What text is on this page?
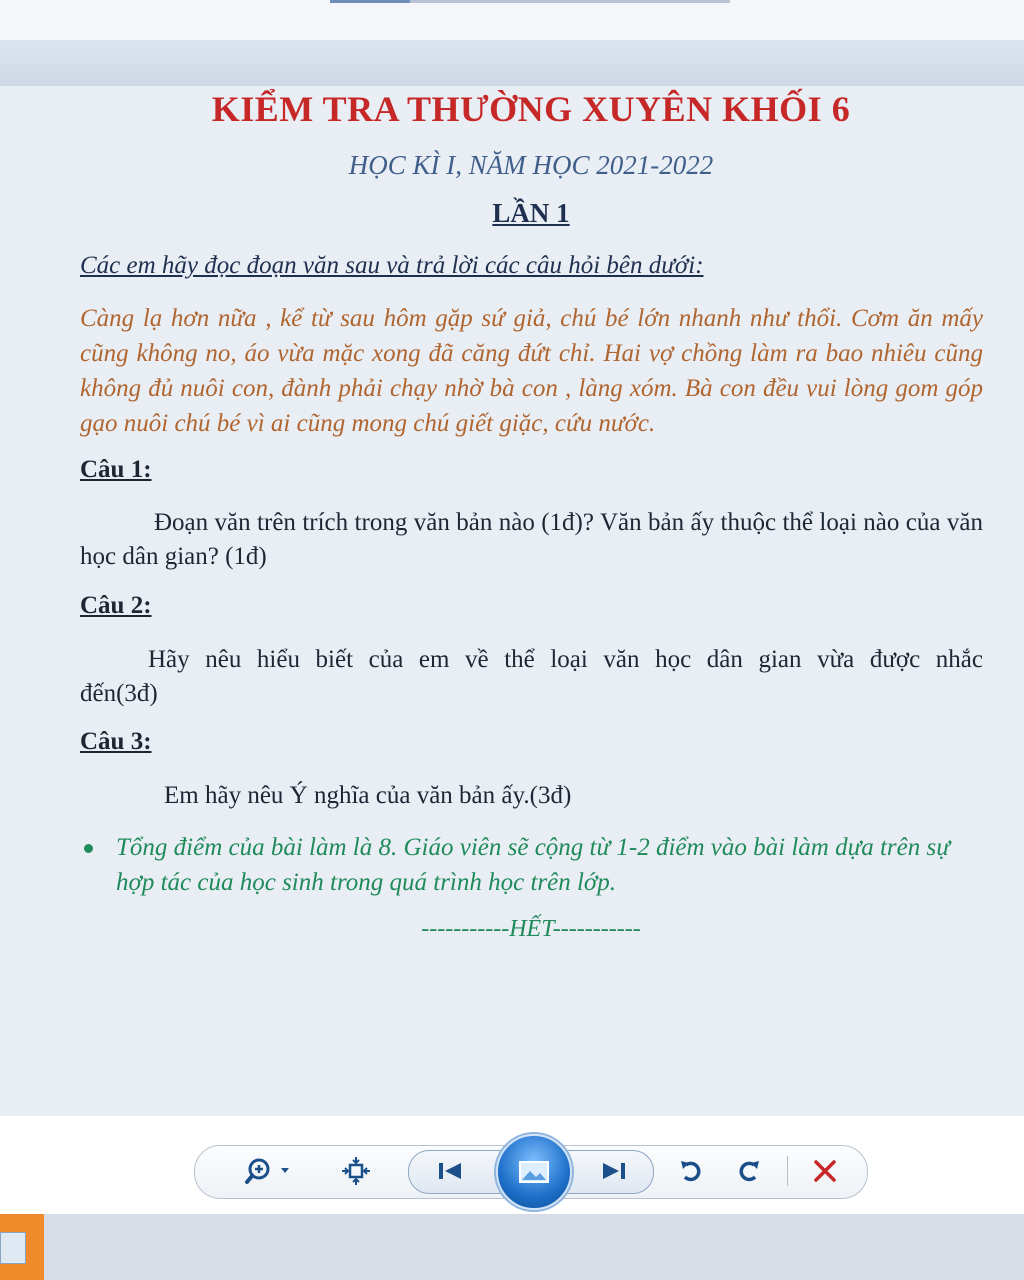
KIỂM TRA THƯỜNG XUYÊN KHỐI 6
HỌC KÌ I, NĂM HỌC 2021-2022
LẦN 1
Các em hãy đọc đoạn văn sau và trả lời các câu hỏi bên dưới:
Càng lạ hơn nữa , kể từ sau hôm gặp sứ giả, chú bé lớn nhanh như thổi. Cơm ăn mấy cũng không no, áo vừa mặc xong đã căng đứt chỉ. Hai vợ chồng làm ra bao nhiêu cũng không đủ nuôi con, đành phải chạy nhờ bà con , làng xóm. Bà con đều vui lòng gom góp gạo nuôi chú bé vì ai cũng mong chú giết giặc, cứu nước.
Câu 1:
Đoạn văn trên trích trong văn bản nào (1đ)? Văn bản ấy thuộc thể loại nào của văn học dân gian? (1đ)
Câu 2:
Hãy nêu hiểu biết của em về thể loại văn học dân gian vừa được nhắc đến(3đ)
Câu 3:
Em hãy nêu Ý nghĩa của văn bản ấy.(3đ)
Tổng điểm của bài làm là 8. Giáo viên sẽ cộng từ 1-2 điểm vào bài làm dựa trên sự hợp tác của học sinh trong quá trình học trên lớp.
-----------HẾT-----------
